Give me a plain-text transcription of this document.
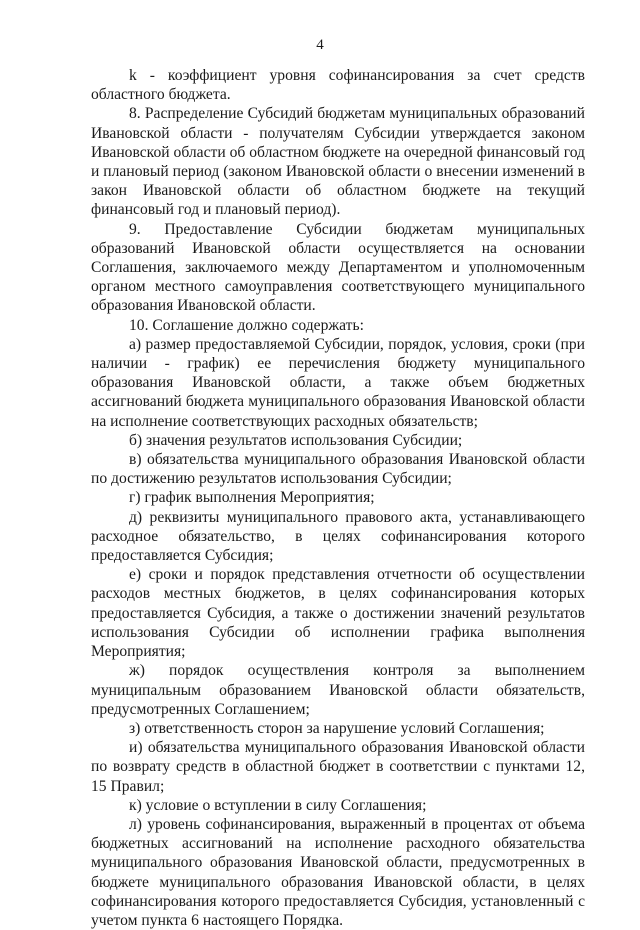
4

k - коэффициент уровня софинансирования за счет средств областного бюджета.

8. Распределение Субсидий бюджетам муниципальных образований Ивановской области - получателям Субсидии утверждается законом Ивановской области об областном бюджете на очередной финансовый год и плановый период (законом Ивановской области о внесении изменений в закон Ивановской области об областном бюджете на текущий финансовый год и плановый период).

9. Предоставление Субсидии бюджетам муниципальных образований Ивановской области осуществляется на основании Соглашения, заключаемого между Департаментом и уполномоченным органом местного самоуправления соответствующего муниципального образования Ивановской области.

10. Соглашение должно содержать:

а) размер предоставляемой Субсидии, порядок, условия, сроки (при наличии - график) ее перечисления бюджету муниципального образования Ивановской области, а также объем бюджетных ассигнований бюджета муниципального образования Ивановской области на исполнение соответствующих расходных обязательств;

б) значения результатов использования Субсидии;

в) обязательства муниципального образования Ивановской области по достижению результатов использования Субсидии;

г) график выполнения Мероприятия;

д) реквизиты муниципального правового акта, устанавливающего расходное обязательство, в целях софинансирования которого предоставляется Субсидия;

е) сроки и порядок представления отчетности об осуществлении расходов местных бюджетов, в целях софинансирования которых предоставляется Субсидия, а также о достижении значений результатов использования Субсидии об исполнении графика выполнения Мероприятия;

ж) порядок осуществления контроля за выполнением муниципальным образованием Ивановской области обязательств, предусмотренных Соглашением;

з) ответственность сторон за нарушение условий Соглашения;

и) обязательства муниципального образования Ивановской области по возврату средств в областной бюджет в соответствии с пунктами 12, 15 Правил;

к) условие о вступлении в силу Соглашения;

л) уровень софинансирования, выраженный в процентах от объема бюджетных ассигнований на исполнение расходного обязательства муниципального образования Ивановской области, предусмотренных в бюджете муниципального образования Ивановской области, в целях софинансирования которого предоставляется Субсидия, установленный с учетом пункта 6 настоящего Порядка.
